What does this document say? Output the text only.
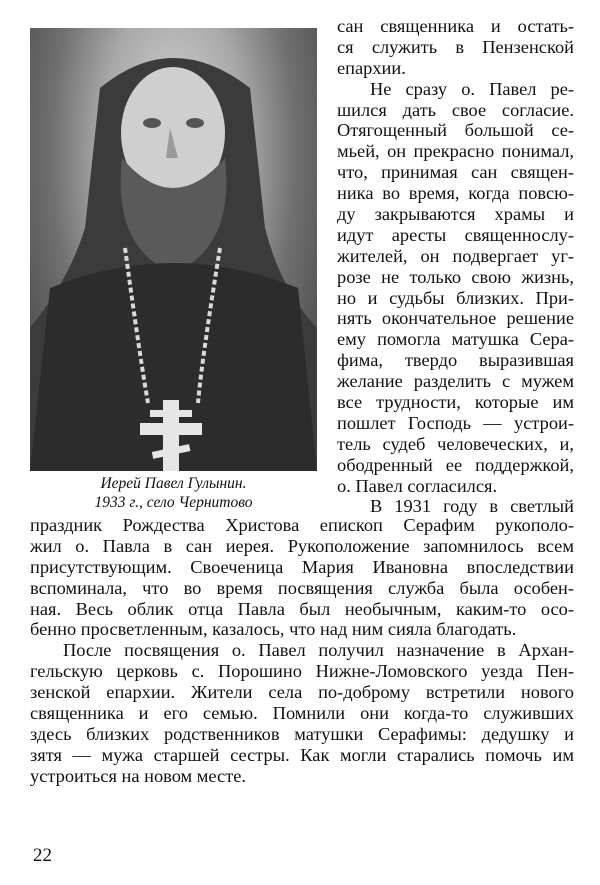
Иерей Павел Гулынин.
1933 г., село Чернитово
сан священника и остать-
ся служить в Пензенской
епархии.
Не сразу о. Павел ре-
шился дать свое согласие.
Отягощенный большой се-
мьей, он прекрасно понимал,
что, принимая сан священ-
ника во время, когда повсю-
ду закрываются храмы и
идут аресты священнослу-
жителей, он подвергает уг-
розе не только свою жизнь,
но и судьбы близких. При-
нять окончательное решение
ему помогла матушка Сера-
фима, твердо выразившая
желание разделить с мужем
все трудности, которые им
пошлет Господь — устрои-
тель судеб человеческих, и,
ободренный ее поддержкой,
о. Павел согласился.
В 1931 году в светлый
праздник Рождества Христова епископ Серафим рукополо-
жил о. Павла в сан иерея. Рукоположение запомнилось всем
присутствующим. Своеченица Мария Ивановна впоследствии
вспоминала, что во время посвящения служба была особен-
ная. Весь облик отца Павла был необычным, каким-то осо-
бенно просветленным, казалось, что над ним сияла благодать.
После посвящения о. Павел получил назначение в Архан-
гельскую церковь с. Порошино Нижне-Ломовского уезда Пен-
зенской епархии. Жители села по-доброму встретили нового
священника и его семью. Помнили они когда-то служивших
здесь близких родственников матушки Серафимы: дедушку и
зятя — мужа старшей сестры. Как могли старались помочь им
устроиться на новом месте.
22
